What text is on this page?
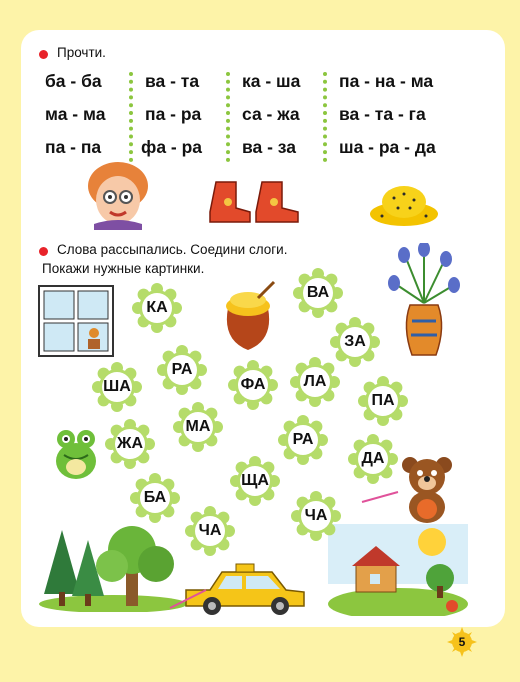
Прочти.
ба - ба
ма - ма
па - па
ва - та
па - ра
фа - ра
ка - ша
са - жа
ва - за
па - на - ма
ва - та - га
ша - ра - да
Слова рассыпались. Соедини слоги.
Покажи нужные картинки.
КА
ВА
ЗА
РА
ФА	ЛА
ША
ПА
МА
ЖА	РА
ДА
ЩА
БА
ЧА
ЧА
5
